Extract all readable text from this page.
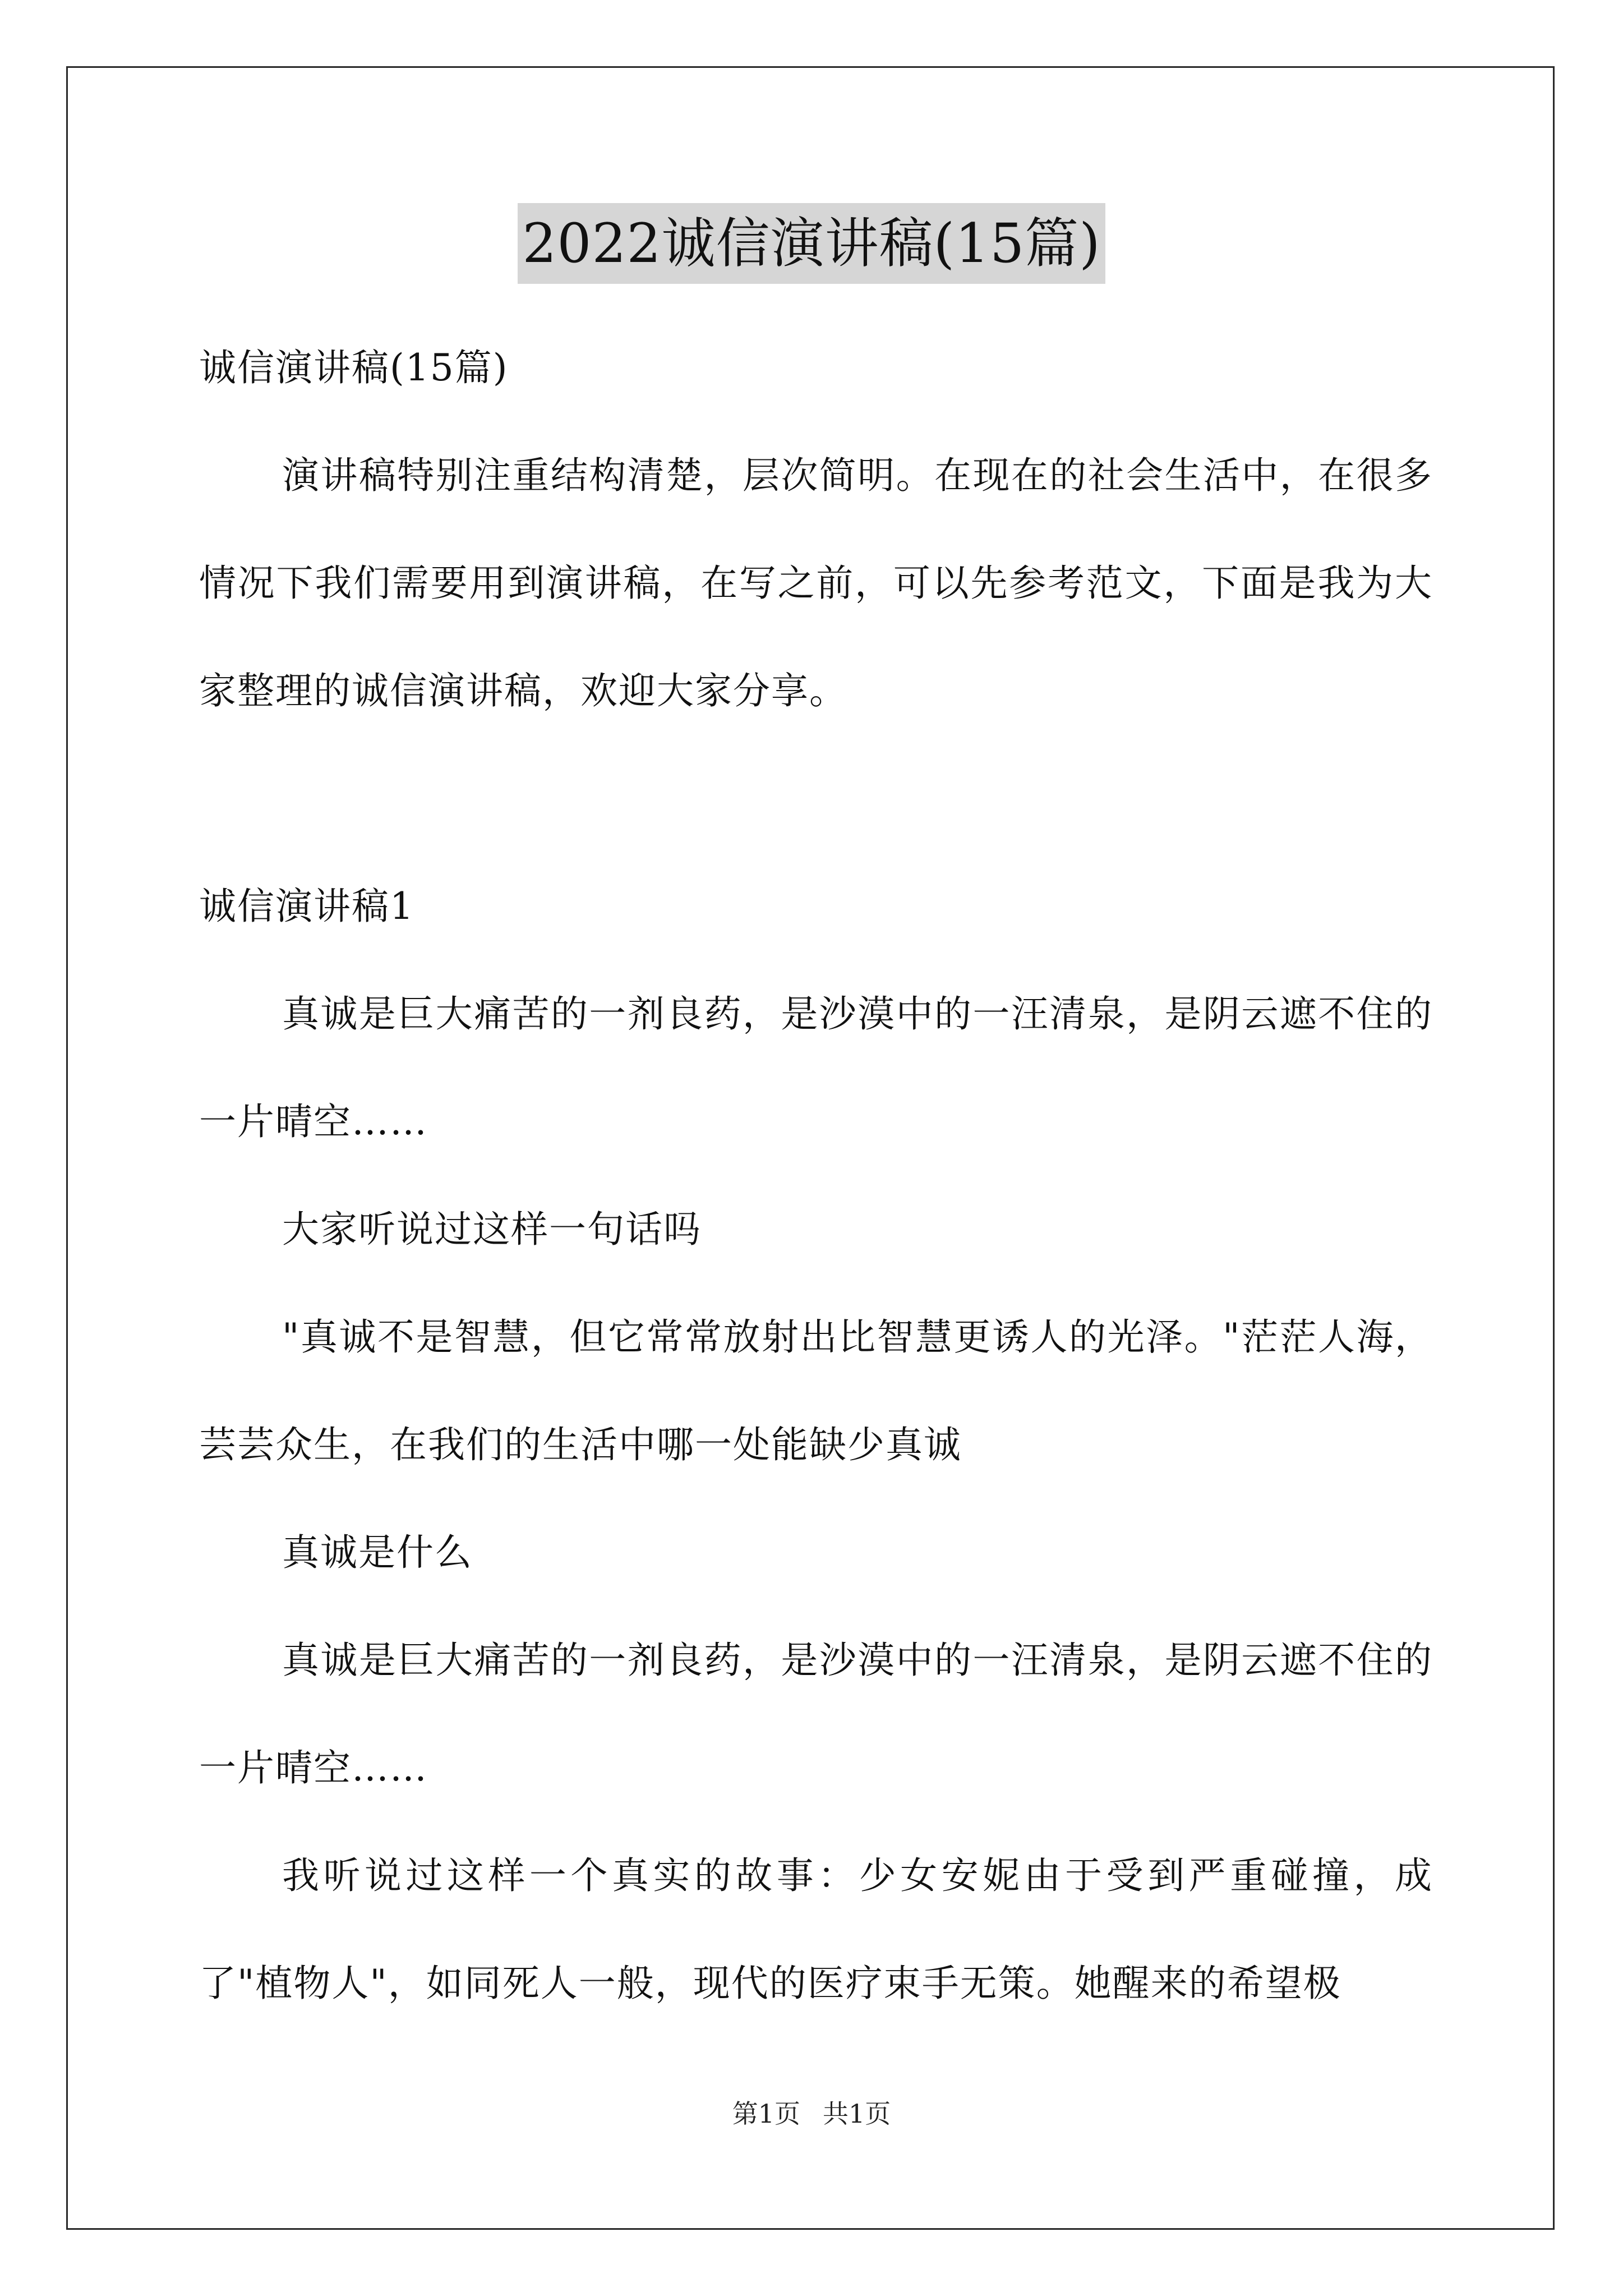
2022诚信演讲稿(15篇)

诚信演讲稿(15篇)

演讲稿特别注重结构清楚，层次简明。在现在的社会生活中，在很多情况下我们需要用到演讲稿，在写之前，可以先参考范文，下面是我为大家整理的诚信演讲稿，欢迎大家分享。

诚信演讲稿1

真诚是巨大痛苦的一剂良药，是沙漠中的一汪清泉，是阴云遮不住的一片晴空……

大家听说过这样一句话吗

"真诚不是智慧，但它常常放射出比智慧更诱人的光泽。"茫茫人海，芸芸众生，在我们的生活中哪一处能缺少真诚

真诚是什么

真诚是巨大痛苦的一剂良药，是沙漠中的一汪清泉，是阴云遮不住的一片晴空……

我听说过这样一个真实的故事：少女安妮由于受到严重碰撞，成了"植物人"，如同死人一般，现代的医疗束手无策。她醒来的希望极

第1页 共1页
